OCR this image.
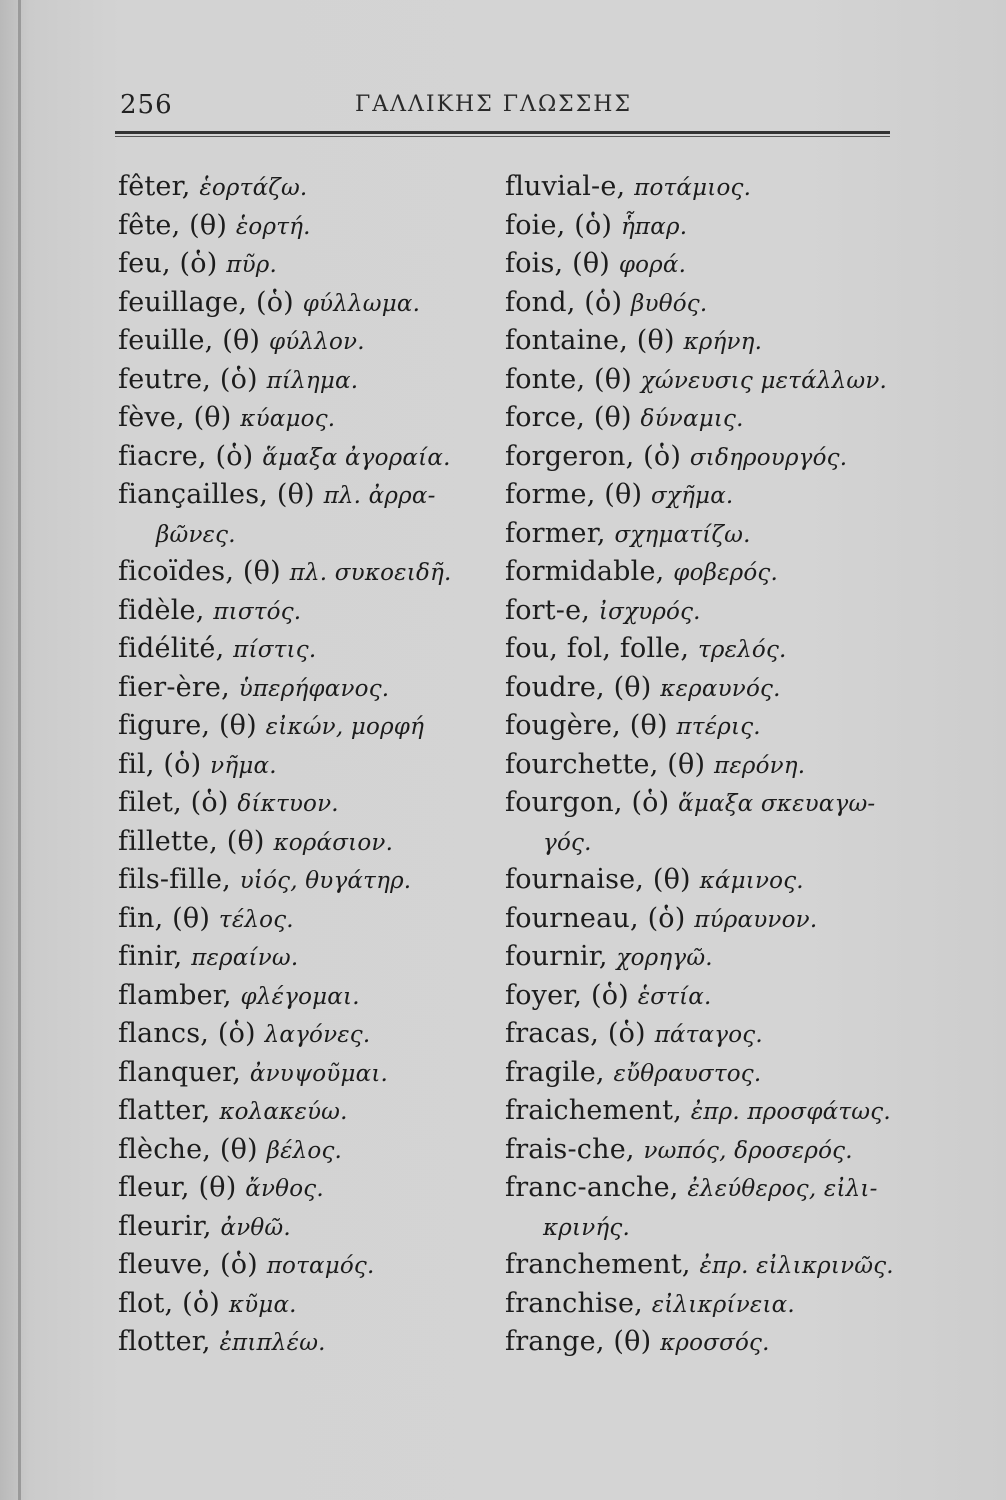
256	ΓΑΛΛΙΚΗΣ ΓΛΩΣΣΗΣ
fêter, ἑορτάζω.
fête, (θ) ἑορτή.
feu, (ὁ) πῦρ.
feuillage, (ὁ) φύλλωμα.
feuille, (θ) φύλλον.
feutre, (ὁ) πίλημα.
fève, (θ) κύαμος.
fiacre, (ὁ) ἅμαξα ἀγοραία.
fiançailles, (θ) πλ. ἀρρα-
βῶνες.
ficoïdes, (θ) πλ. συκοειδῆ.
fidèle, πιστός.
fidélité, πίστις.
fier-ère, ὑπερήφανος.
figure, (θ) εἰκών, μορφή
fil, (ὁ) νῆμα.
filet, (ὁ) δίκτυον.
fillette, (θ) κοράσιον.
fils-fille, υἱός, θυγάτηρ.
fin, (θ) τέλος.
finir, περαίνω.
flamber, φλέγομαι.
flancs, (ὁ) λαγόνες.
flanquer, ἀνυψοῦμαι.
flatter, κολακεύω.
flèche, (θ) βέλος.
fleur, (θ) ἄνθος.
fleurir, ἀνθῶ.
fleuve, (ὁ) ποταμός.
flot, (ὁ) κῦμα.
flotter, ἐπιπλέω.
fluvial-e, ποτάμιος.
foie, (ὁ) ἧπαρ.
fois, (θ) φορά.
fond, (ὁ) βυθός.
fontaine, (θ) κρήνη.
fonte, (θ) χώνευσις μετάλλων.
force, (θ) δύναμις.
forgeron, (ὁ) σιδηρουργός.
forme, (θ) σχῆμα.
former, σχηματίζω.
formidable, φοβερός.
fort-e, ἰσχυρός.
fou, fol, folle, τρελός.
foudre, (θ) κεραυνός.
fougère, (θ) πτέρις.
fourchette, (θ) περόνη.
fourgon, (ὁ) ἅμαξα σκευαγω-
γός.
fournaise, (θ) κάμινος.
fourneau, (ὁ) πύραυνον.
fournir, χορηγῶ.
foyer, (ὁ) ἑστία.
fracas, (ὁ) πάταγος.
fragile, εὔθραυστος.
fraichement, ἐπρ. προσφάτως.
frais-che, νωπός, δροσερός.
franc-anche, ἐλεύθερος, εἰλι-
κρινής.
franchement, ἐπρ. εἰλικρινῶς.
franchise, εἰλικρίνεια.
frange, (θ) κροσσός.
